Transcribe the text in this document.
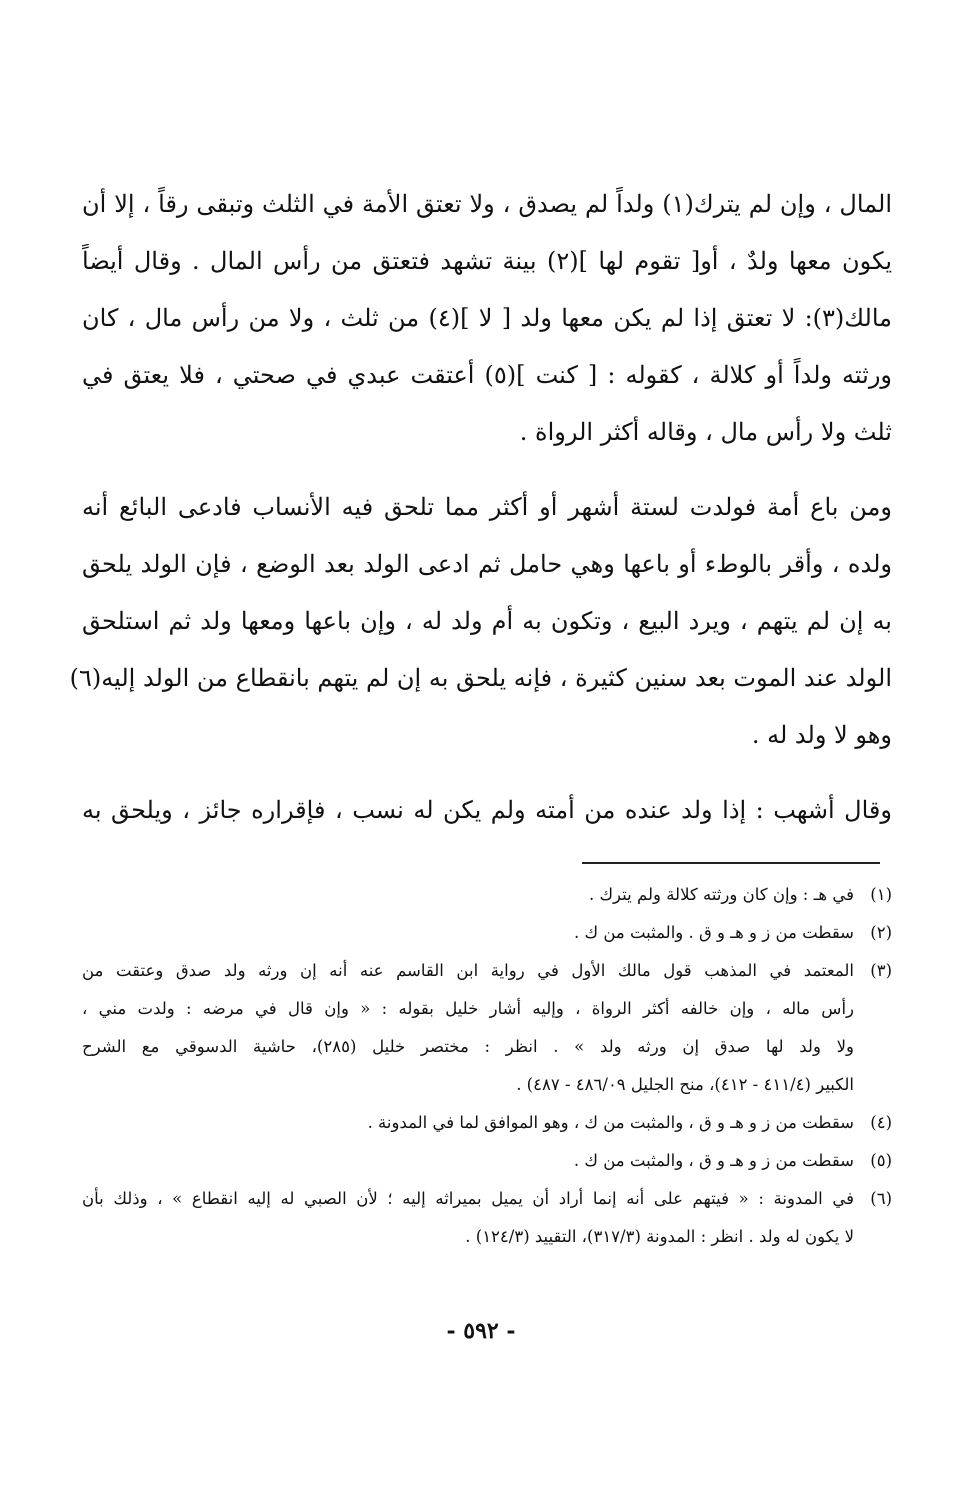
المال ، وإن لم يترك(١) ولداً لم يصدق ، ولا تعتق الأمة في الثلث وتبقى رقاً ، إلا أن
يكون معها ولدٌ ، أو[ تقوم لها ](٢) بينة تشهد فتعتق من رأس المال . وقال أيضاً
مالك(٣): لا تعتق إذا لم يكن معها ولد [ لا ](٤) من ثلث ، ولا من رأس مال ، كان
ورثته ولداً أو كلالة ، كقوله : [ كنت ](٥) أعتقت عبدي في صحتي ، فلا يعتق في
ثلث ولا رأس مال ، وقاله أكثر الرواة .
ومن باع أمة فولدت لستة أشهر أو أكثر مما تلحق فيه الأنساب فادعى البائع أنه
ولده ، وأقر بالوطء أو باعها وهي حامل ثم ادعى الولد بعد الوضع ، فإن الولد يلحق
به إن لم يتهم ، ويرد البيع ، وتكون به أم ولد له ، وإن باعها ومعها ولد ثم استلحق
الولد عند الموت بعد سنين كثيرة ، فإنه يلحق به إن لم يتهم بانقطاع من الولد إليه(٦)
وهو لا ولد له .
وقال أشهب : إذا ولد عنده من أمته ولم يكن له نسب ، فإقراره جائز ، ويلحق به
(١)
في هـ : وإن كان ورثته كلالة ولم يترك .
(٢)
سقطت من ز و هـ و ق . والمثبت من ك .
(٣)
المعتمد في المذهب قول مالك الأول في رواية ابن القاسم عنه أنه إن ورثه ولد صدق وعتقت من
رأس ماله ، وإن خالفه أكثر الرواة ، وإليه أشار خليل بقوله : « وإن قال في مرضه : ولدت مني ،
ولا ولد لها صدق إن ورثه ولد » . انظر : مختصر خليل (٢٨٥)، حاشية الدسوقي مع الشرح
الكبير (٤١١/٤ - ٤١٢)، منح الجليل ٤٨٦/٠٩ - ٤٨٧) .
(٤)
سقطت من ز و هـ و ق ، والمثبت من ك ، وهو الموافق لما في المدونة .
(٥)
سقطت من ز و هـ و ق ، والمثبت من ك .
(٦)
في المدونة : « فيتهم على أنه إنما أراد أن يميل بميراثه إليه ؛ لأن الصبي له إليه انقطاع » ، وذلك بأن
لا يكون له ولد . انظر : المدونة (٣١٧/٣)، التقييد (١٢٤/٣) .
- ٥٩٢ -
